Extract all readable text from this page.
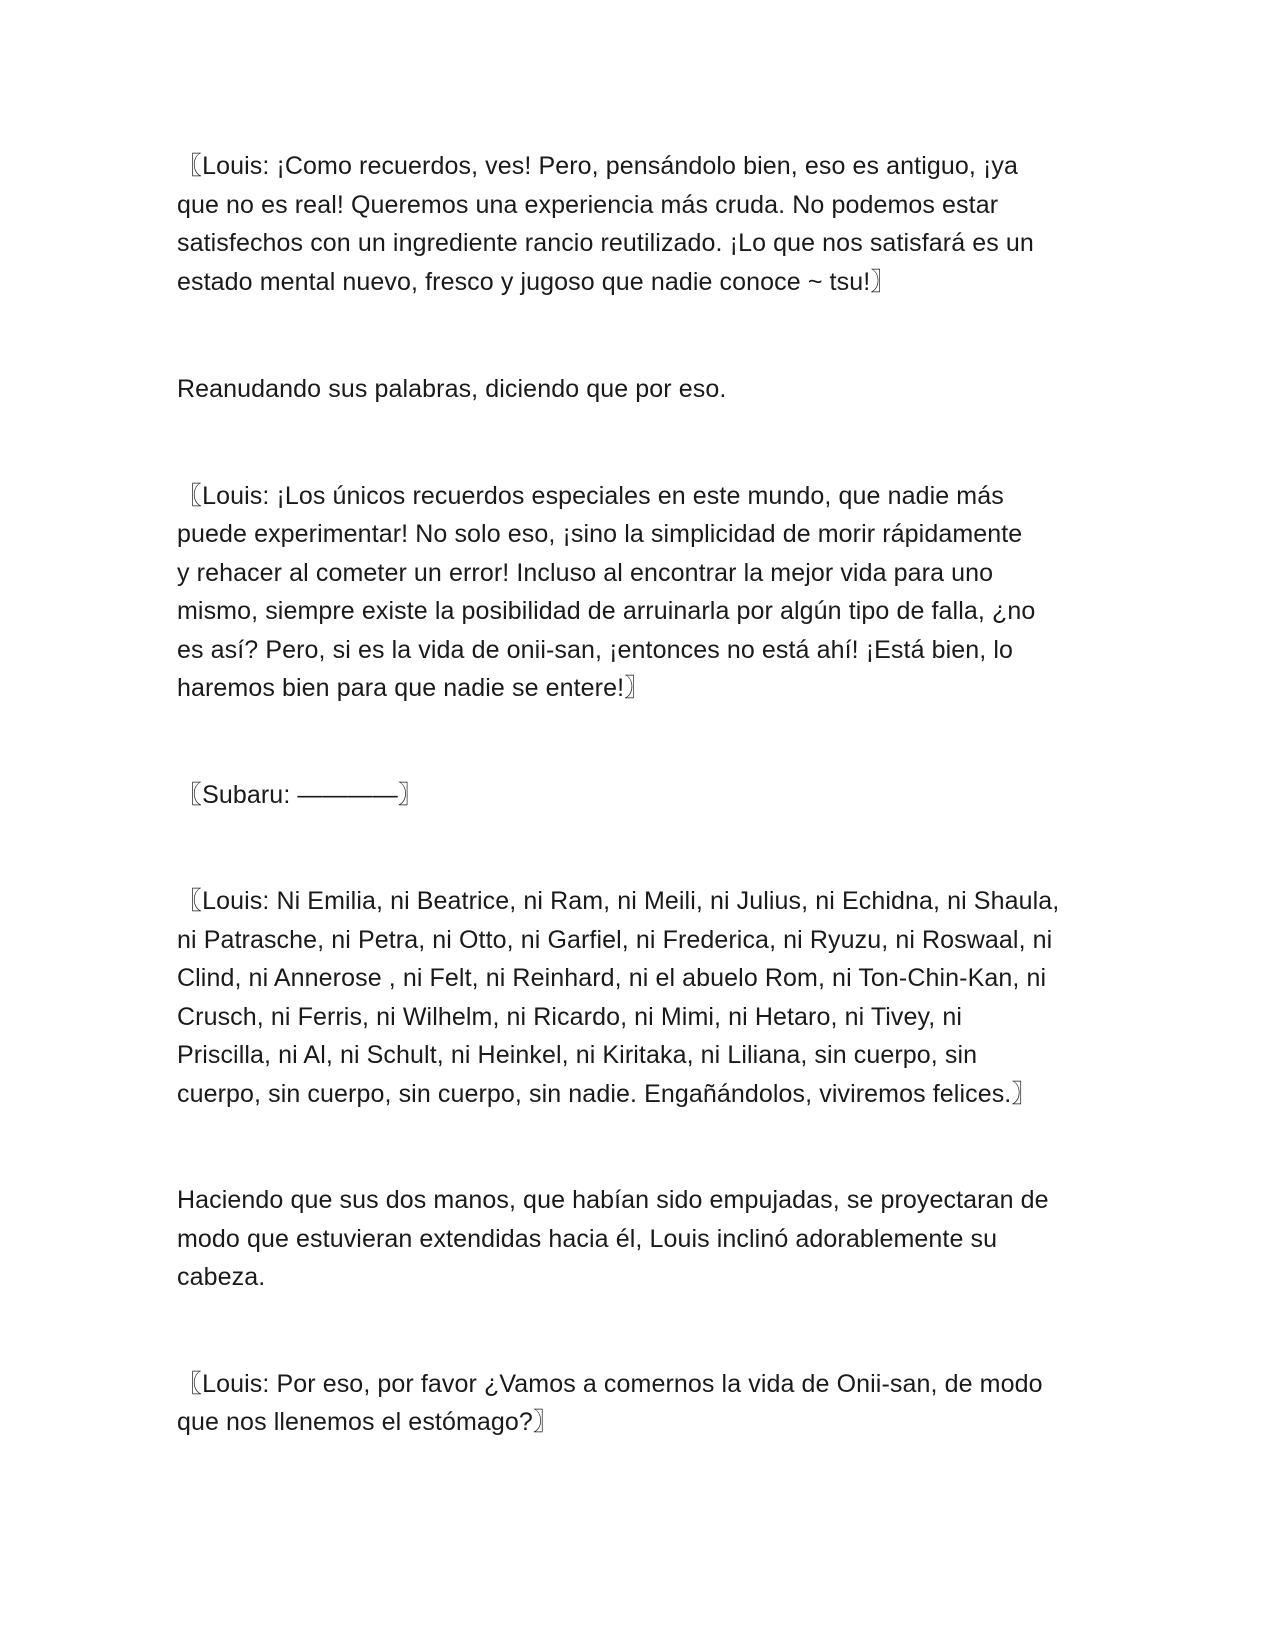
〖Louis: ¡Como recuerdos, ves! Pero, pensándolo bien, eso es antiguo, ¡ya
que no es real! Queremos una experiencia más cruda. No podemos estar
satisfechos con un ingrediente rancio reutilizado. ¡Lo que nos satisfará es un
estado mental nuevo, fresco y jugoso que nadie conoce ~ tsu!〗

Reanudando sus palabras, diciendo que por eso.

〖Louis: ¡Los únicos recuerdos especiales en este mundo, que nadie más
puede experimentar! No solo eso, ¡sino la simplicidad de morir rápidamente
y rehacer al cometer un error! Incluso al encontrar la mejor vida para uno
mismo, siempre existe la posibilidad de arruinarla por algún tipo de falla, ¿no
es así? Pero, si es la vida de onii-san, ¡entonces no está ahí! ¡Está bien, lo
haremos bien para que nadie se entere!〗

〖Subaru: ————〗

〖Louis: Ni Emilia, ni Beatrice, ni Ram, ni Meili, ni Julius, ni Echidna, ni Shaula,
ni Patrasche, ni Petra, ni Otto, ni Garfiel, ni Frederica, ni Ryuzu, ni Roswaal, ni
Clind, ni Annerose , ni Felt, ni Reinhard, ni el abuelo Rom, ni Ton-Chin-Kan, ni
Crusch, ni Ferris, ni Wilhelm, ni Ricardo, ni Mimi, ni Hetaro, ni Tivey, ni
Priscilla, ni Al, ni Schult, ni Heinkel, ni Kiritaka, ni Liliana, sin cuerpo, sin
cuerpo, sin cuerpo, sin cuerpo, sin nadie. Engañándolos, viviremos felices.〗

Haciendo que sus dos manos, que habían sido empujadas, se proyectaran de
modo que estuvieran extendidas hacia él, Louis inclinó adorablemente su
cabeza.

〖Louis: Por eso, por favor ¿Vamos a comernos la vida de Onii-san, de modo
que nos llenemos el estómago?〗
